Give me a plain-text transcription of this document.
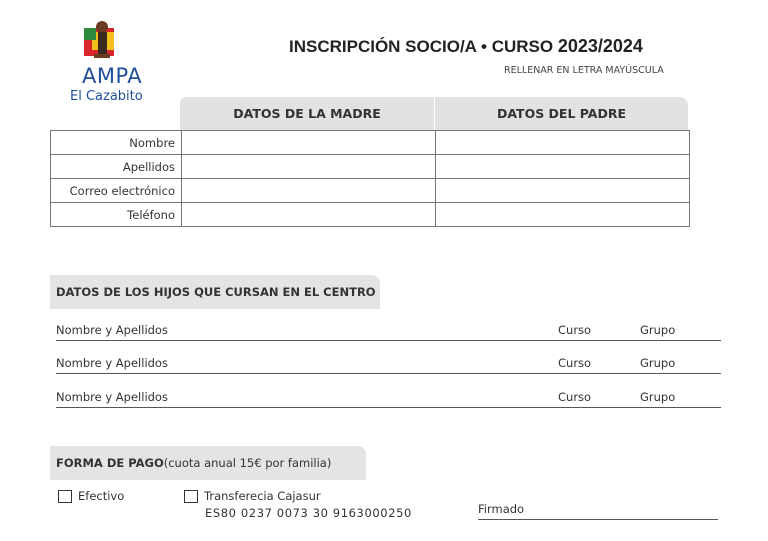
AMPA
El Cazabito
INSCRIPCIÓN SOCIO/A • CURSO 2023/2024
RELLENAR EN LETRA MAYÚSCULA
DATOS DE LA MADRE	DATOS DEL PADRE
Nombre		
Apellidos		
Correo electrónico		
Teléfono		
DATOS DE LOS HIJOS QUE CURSAN EN EL CENTRO
Nombre y Apellidos	Curso	Grupo
Nombre y Apellidos	Curso	Grupo
Nombre y Apellidos	Curso	Grupo
FORMA DE PAGO (cuota anual 15€ por familia)
Efectivo	Transferecia Cajasur
ES80 0237 0073 30 9163000250	Firmado
